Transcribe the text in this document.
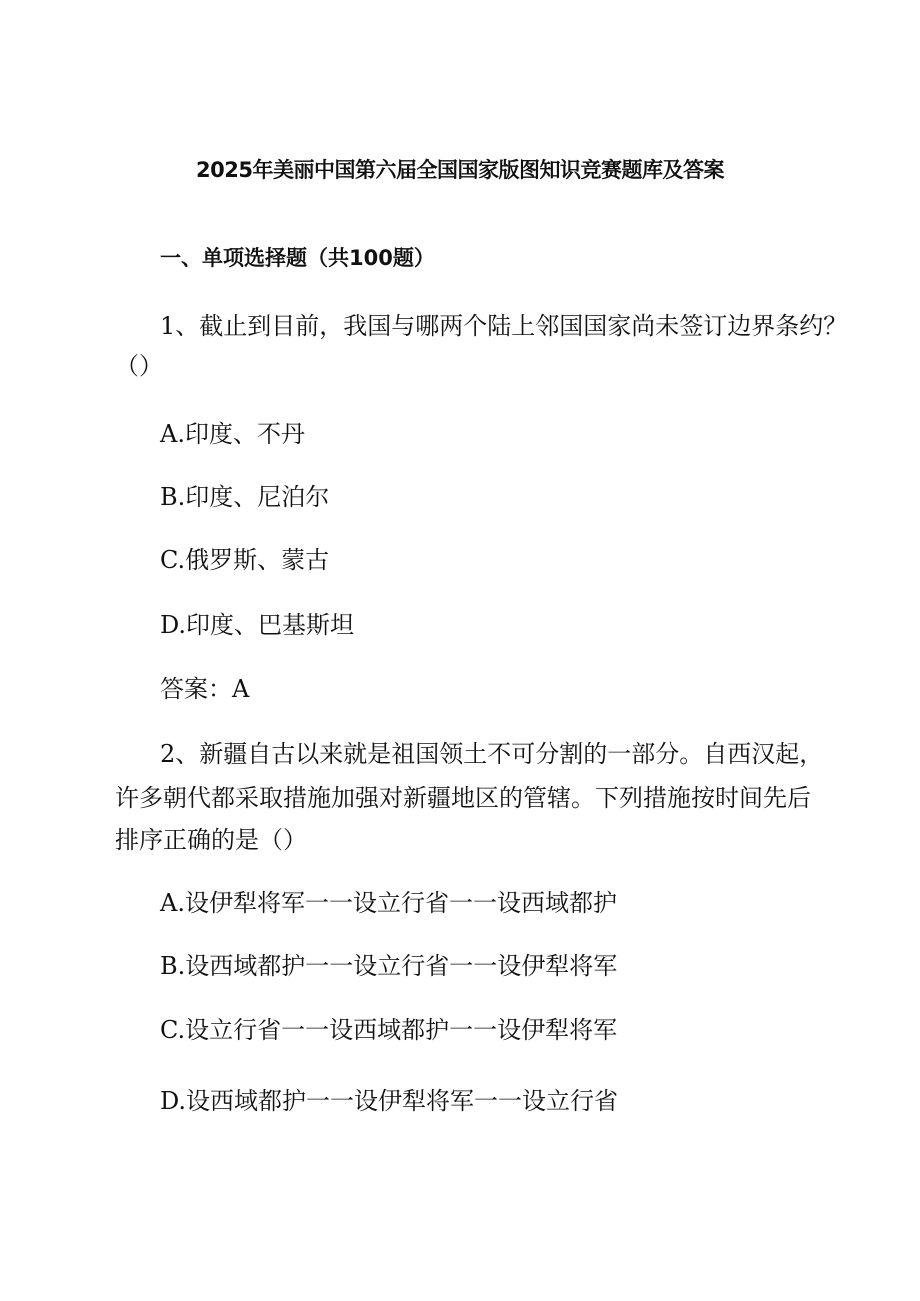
2025年美丽中国第六届全国国家版图知识竞赛题库及答案
一、单项选择题（共100题）
1、截止到目前，我国与哪两个陆上邻国国家尚未签订边界条约？
（）
A.印度、不丹
B.印度、尼泊尔
C.俄罗斯、蒙古
D.印度、巴基斯坦
答案：A
2、新疆自古以来就是祖国领土不可分割的一部分。自西汉起，
许多朝代都采取措施加强对新疆地区的管辖。下列措施按时间先后
排序正确的是（）
A.设伊犁将军一一设立行省一一设西域都护
B.设西域都护一一设立行省一一设伊犁将军
C.设立行省一一设西域都护一一设伊犁将军
D.设西域都护一一设伊犁将军一一设立行省
